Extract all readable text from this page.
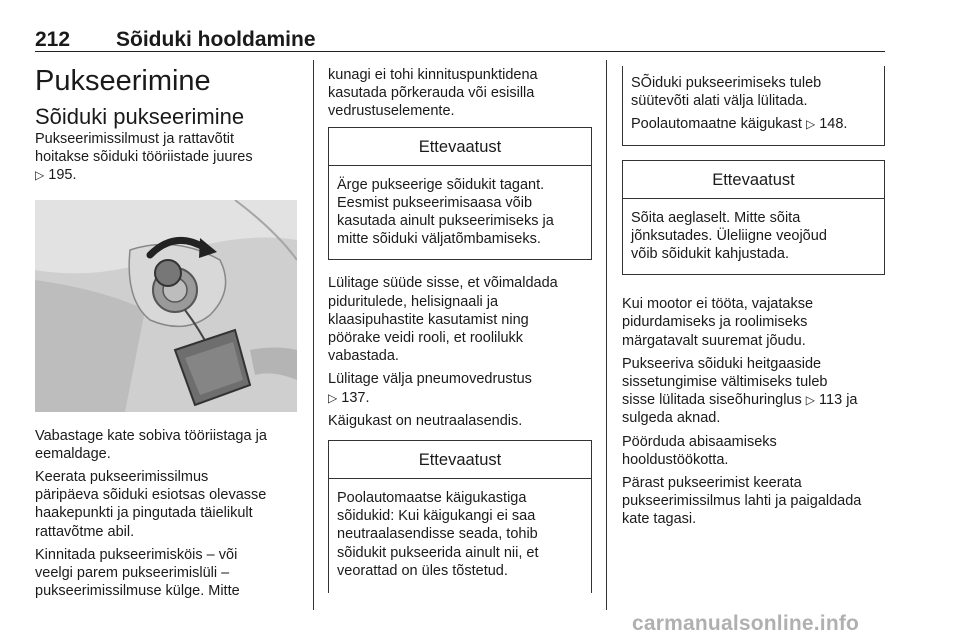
212 Sõiduki hooldamine
Pukseerimine
Sõiduki pukseerimine

Pukseerimissilmust ja rattavõtit
hoitakse sõiduki tööriistade juures
▷ 195.

Vabastage kate sobiva tööriistaga ja
eemaldage.

Keerata pukseerimissilmus
päripäeva sõiduki esiotsas olevasse
haakepunkti ja pingutada täielikult
rattavõtme abil.

Kinnitada pukseerimisköis – või
veelgi parem pukseerimislüli –
pukseerimissilmuse külge. Mitte

kunagi ei tohi kinnituspunktidena
kasutada põrkerauda või esisilla
vedrustuselemente.

Ettevaatust

Ärge pukseerige sõidukit tagant.
Eesmist pukseerimisaasa võib
kasutada ainult pukseerimiseks ja
mitte sõiduki väljatõmbamiseks.

Lülitage süüde sisse, et võimaldada
piduritulede, helisignaali ja
klaasipuhastite kasutamist ning
pöörake veidi rooli, et roolilukk
vabastada.

Lülitage välja pneumovedrustus
▷ 137.

Käigukast on neutraalasendis.

Ettevaatust

Poolautomaatse käigukastiga
sõidukid: Kui käigukangi ei saa
neutraalasendisse seada, tohib
sõidukit pukseerida ainult nii, et
veorattad on üles tõstetud.

SÕiduki pukseerimiseks tuleb
süütevõti alati välja lülitada.

Poolautomaatne käigukast ▷ 148.

Ettevaatust

Sõita aeglaselt. Mitte sõita
jõnksutades. Üleliigne veojõud
võib sõidukit kahjustada.

Kui mootor ei tööta, vajatakse
pidurdamiseks ja roolimiseks
märgatavalt suuremat jõudu.

Pukseeriva sõiduki heitgaaside
sissetungimise vältimiseks tuleb
sisse lülitada siseõhuringlus ▷ 113 ja
sulgeda aknad.

Pöörduda abisaamiseks
hooldustöökotta.

Pärast pukseerimist keerata
pukseerimissilmus lahti ja paigaldada
kate tagasi.

carmanualsonline.info
